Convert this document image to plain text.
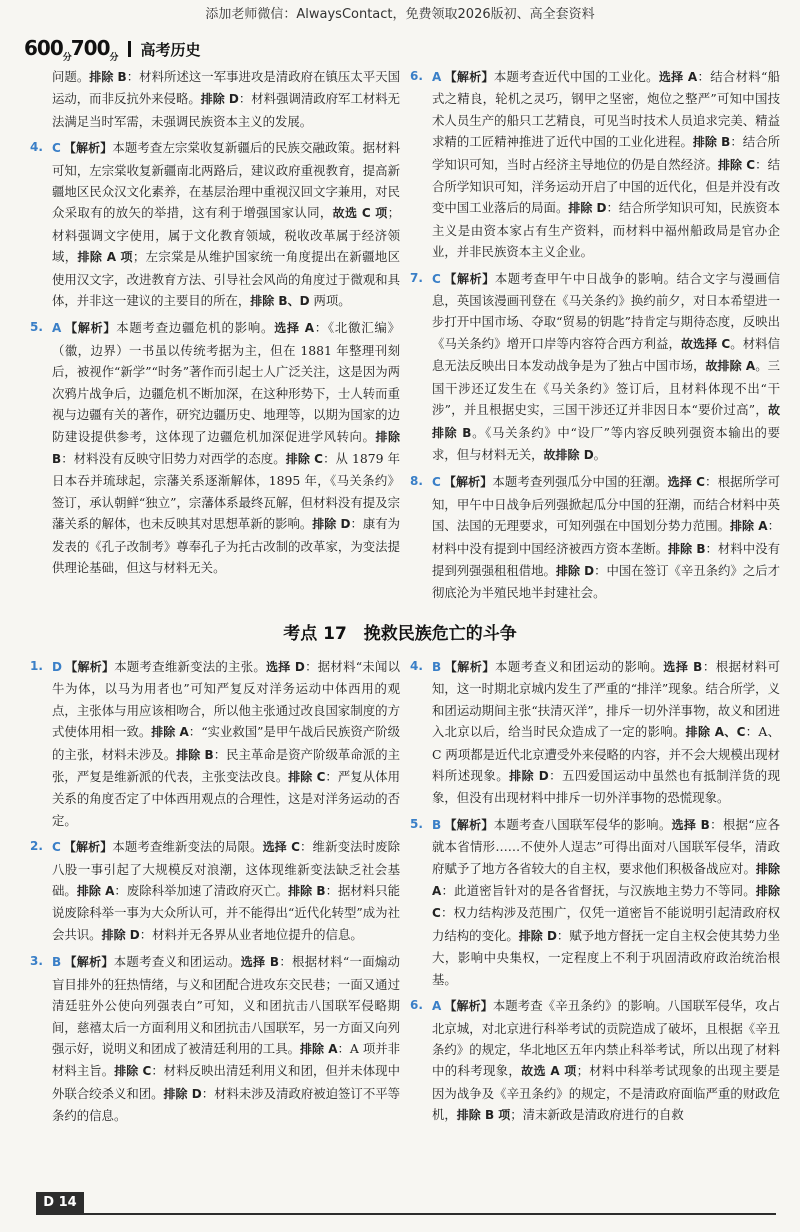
添加老师微信：AlwaysContact，免费领取2026版初、高全套资料
$600_分700_分$ 高考历史
问题。排除 B：材料所述这一军事进攻是清政府在镇压太平天国运动，而非反抗外来侵略。排除 D：材料强调清政府军工材料无法满足当时军需，未强调民族资本主义的发展。
4. C 【解析】本题考查左宗棠收复新疆后的民族交融政策。据材料可知，左宗棠收复新疆南北两路后，建议政府重视教育，提高新疆地区民众汉文化素养，在基层治理中重视汉回文字兼用，对民众采取有的放矢的举措，这有利于增强国家认同，故选 C 项；材料强调文字使用，属于文化教育领域，税收改革属于经济领域，排除 A 项；左宗棠是从维护国家统一角度提出在新疆地区使用汉文字，改进教育方法、引导社会风尚的角度过于微观和具体，并非这一建议的主要目的所在，排除 B、D 两项。
5. A 【解析】本题考查边疆危机的影响。选择 A：《北徼汇编》（徽，边界）一书虽以传统考据为主，但在 1881 年整理刊刻后，被视作“新学”“时务”著作而引起士人广泛关注，这是因为两次鸦片战争后，边疆危机不断加深，在这种形势下，士人转而重视与边疆有关的著作，研究边疆历史、地理等，以期为国家的边防建设提供参考，这体现了边疆危机加深促进学风转向。排除 B：材料没有反映守旧势力对西学的态度。排除 C：从 1879 年日本吞并琉球起，宗藩关系逐渐解体，1895 年，《马关条约》签订，承认朝鲜“独立”，宗藩体系最终瓦解，但材料没有提及宗藩关系的解体，也未反映其对思想革新的影响。排除 D：康有为发表的《孔子改制考》尊奉孔子为托古改制的改革家，为变法提供理论基础，但这与材料无关。
6. A 【解析】本题考查近代中国的工业化。选择 A：结合材料“船式之精良，轮机之灵巧，钢甲之坚密，炮位之整严”可知中国技术人员生产的船只工艺精良，可见当时技术人员追求完美、精益求精的工匠精神推进了近代中国的工业化进程。排除 B：结合所学知识可知，当时占经济主导地位的仍是自然经济。排除 C：结合所学知识可知，洋务运动开启了中国的近代化，但是并没有改变中国工业落后的局面。排除 D：结合所学知识可知，民族资本主义是由资本家占有生产资料，而材料中福州船政局是官办企业，并非民族资本主义企业。
7. C 【解析】本题考查甲午中日战争的影响。结合文字与漫画信息，英国该漫画刊登在《马关条约》换约前夕，对日本希望进一步打开中国市场、夺取“贸易的钥匙”持肯定与期待态度，反映出《马关条约》增开口岸等内容符合西方利益，故选择 C。材料信息无法反映出日本发动战争是为了独占中国市场，故排除 A。三国干涉还辽发生在《马关条约》签订后，且材料体现不出“干涉”，并且根据史实，三国干涉还辽并非因日本“要价过高”，故排除 B。《马关条约》中“设厂”等内容反映列强资本输出的要求，但与材料无关，故排除 D。
8. C 【解析】本题考查列强瓜分中国的狂潮。选择 C：根据所学可知，甲午中日战争后列强掀起瓜分中国的狂潮，而结合材料中英国、法国的无理要求，可知列强在中国划分势力范围。排除 A：材料中没有提到中国经济被西方资本垄断。排除 B：材料中没有提到列强强租租借地。排除 D：中国在签订《辛丑条约》之后才彻底沦为半殖民地半封建社会。
考点 17　挽救民族危亡的斗争
1. D 【解析】本题考查维新变法的主张。选择 D：据材料“未闻以牛为体，以马为用者也”可知严复反对洋务运动中体西用的观点，主张体与用应该相吻合，所以他主张通过改良国家制度的方式使体用相一致。排除 A：“实业救国”是甲午战后民族资产阶级的主张，材料未涉及。排除 B：民主革命是资产阶级革命派的主张，严复是维新派的代表，主张变法改良。排除 C：严复从体用关系的角度否定了中体西用观点的合理性，这是对洋务运动的否定。
2. C 【解析】本题考查维新变法的局限。选择 C：维新变法时废除八股一事引起了大规模反对浪潮，这体现维新变法缺乏社会基础。排除 A：废除科举加速了清政府灭亡。排除 B：据材料只能说废除科举一事为大众所认可，并不能得出“近代化转型”成为社会共识。排除 D：材料并无各界从业者地位提升的信息。
3. B 【解析】本题考查义和团运动。选择 B：根据材料“一面煽动盲目排外的狂热情绪，与义和团配合进攻东交民巷；一面又通过清廷驻外公使向列强表白”可知，义和团抗击八国联军侵略期间，慈禧太后一方面利用义和团抗击八国联军，另一方面又向列强示好，说明义和团成了被清廷利用的工具。排除 A：A 项并非材料主旨。排除 C：材料反映出清廷利用义和团，但并未体现中外联合绞杀义和团。排除 D：材料未涉及清政府被迫签订不平等条约的信息。
4. B 【解析】本题考查义和团运动的影响。选择 B：根据材料可知，这一时期北京城内发生了严重的“排洋”现象。结合所学，义和团运动期间主张“扶清灭洋”，排斥一切外洋事物，故义和团进入北京以后，给当时民众造成了一定的影响。排除 A、C：A、C 两项都是近代北京遭受外来侵略的内容，并不会大规模出现材料所述现象。排除 D：五四爱国运动中虽然也有抵制洋货的现象，但没有出现材料中排斥一切外洋事物的恐慌现象。
5. B 【解析】本题考查八国联军侵华的影响。选择 B：根据“应各就本省情形……不使外人逞志”可得出面对八国联军侵华，清政府赋予了地方各省较大的自主权，要求他们积极备战应对。排除 A：此道密旨针对的是各省督抚，与汉族地主势力不等同。排除 C：权力结构涉及范围广，仅凭一道密旨不能说明引起清政府权力结构的变化。排除 D：赋予地方督抚一定自主权会使其势力坐大，影响中央集权，一定程度上不利于巩固清政府政治统治根基。
6. A 【解析】本题考查《辛丑条约》的影响。八国联军侵华，攻占北京城，对北京进行科举考试的贡院造成了破坏，且根据《辛丑条约》的规定，华北地区五年内禁止科举考试，所以出现了材料中的科考现象，故选 A 项；材料中科举考试现象的出现主要是因为战争及《辛丑条约》的规定，不是清政府面临严重的财政危机，排除 B 项；清末新政是清政府进行的自救
D 14
